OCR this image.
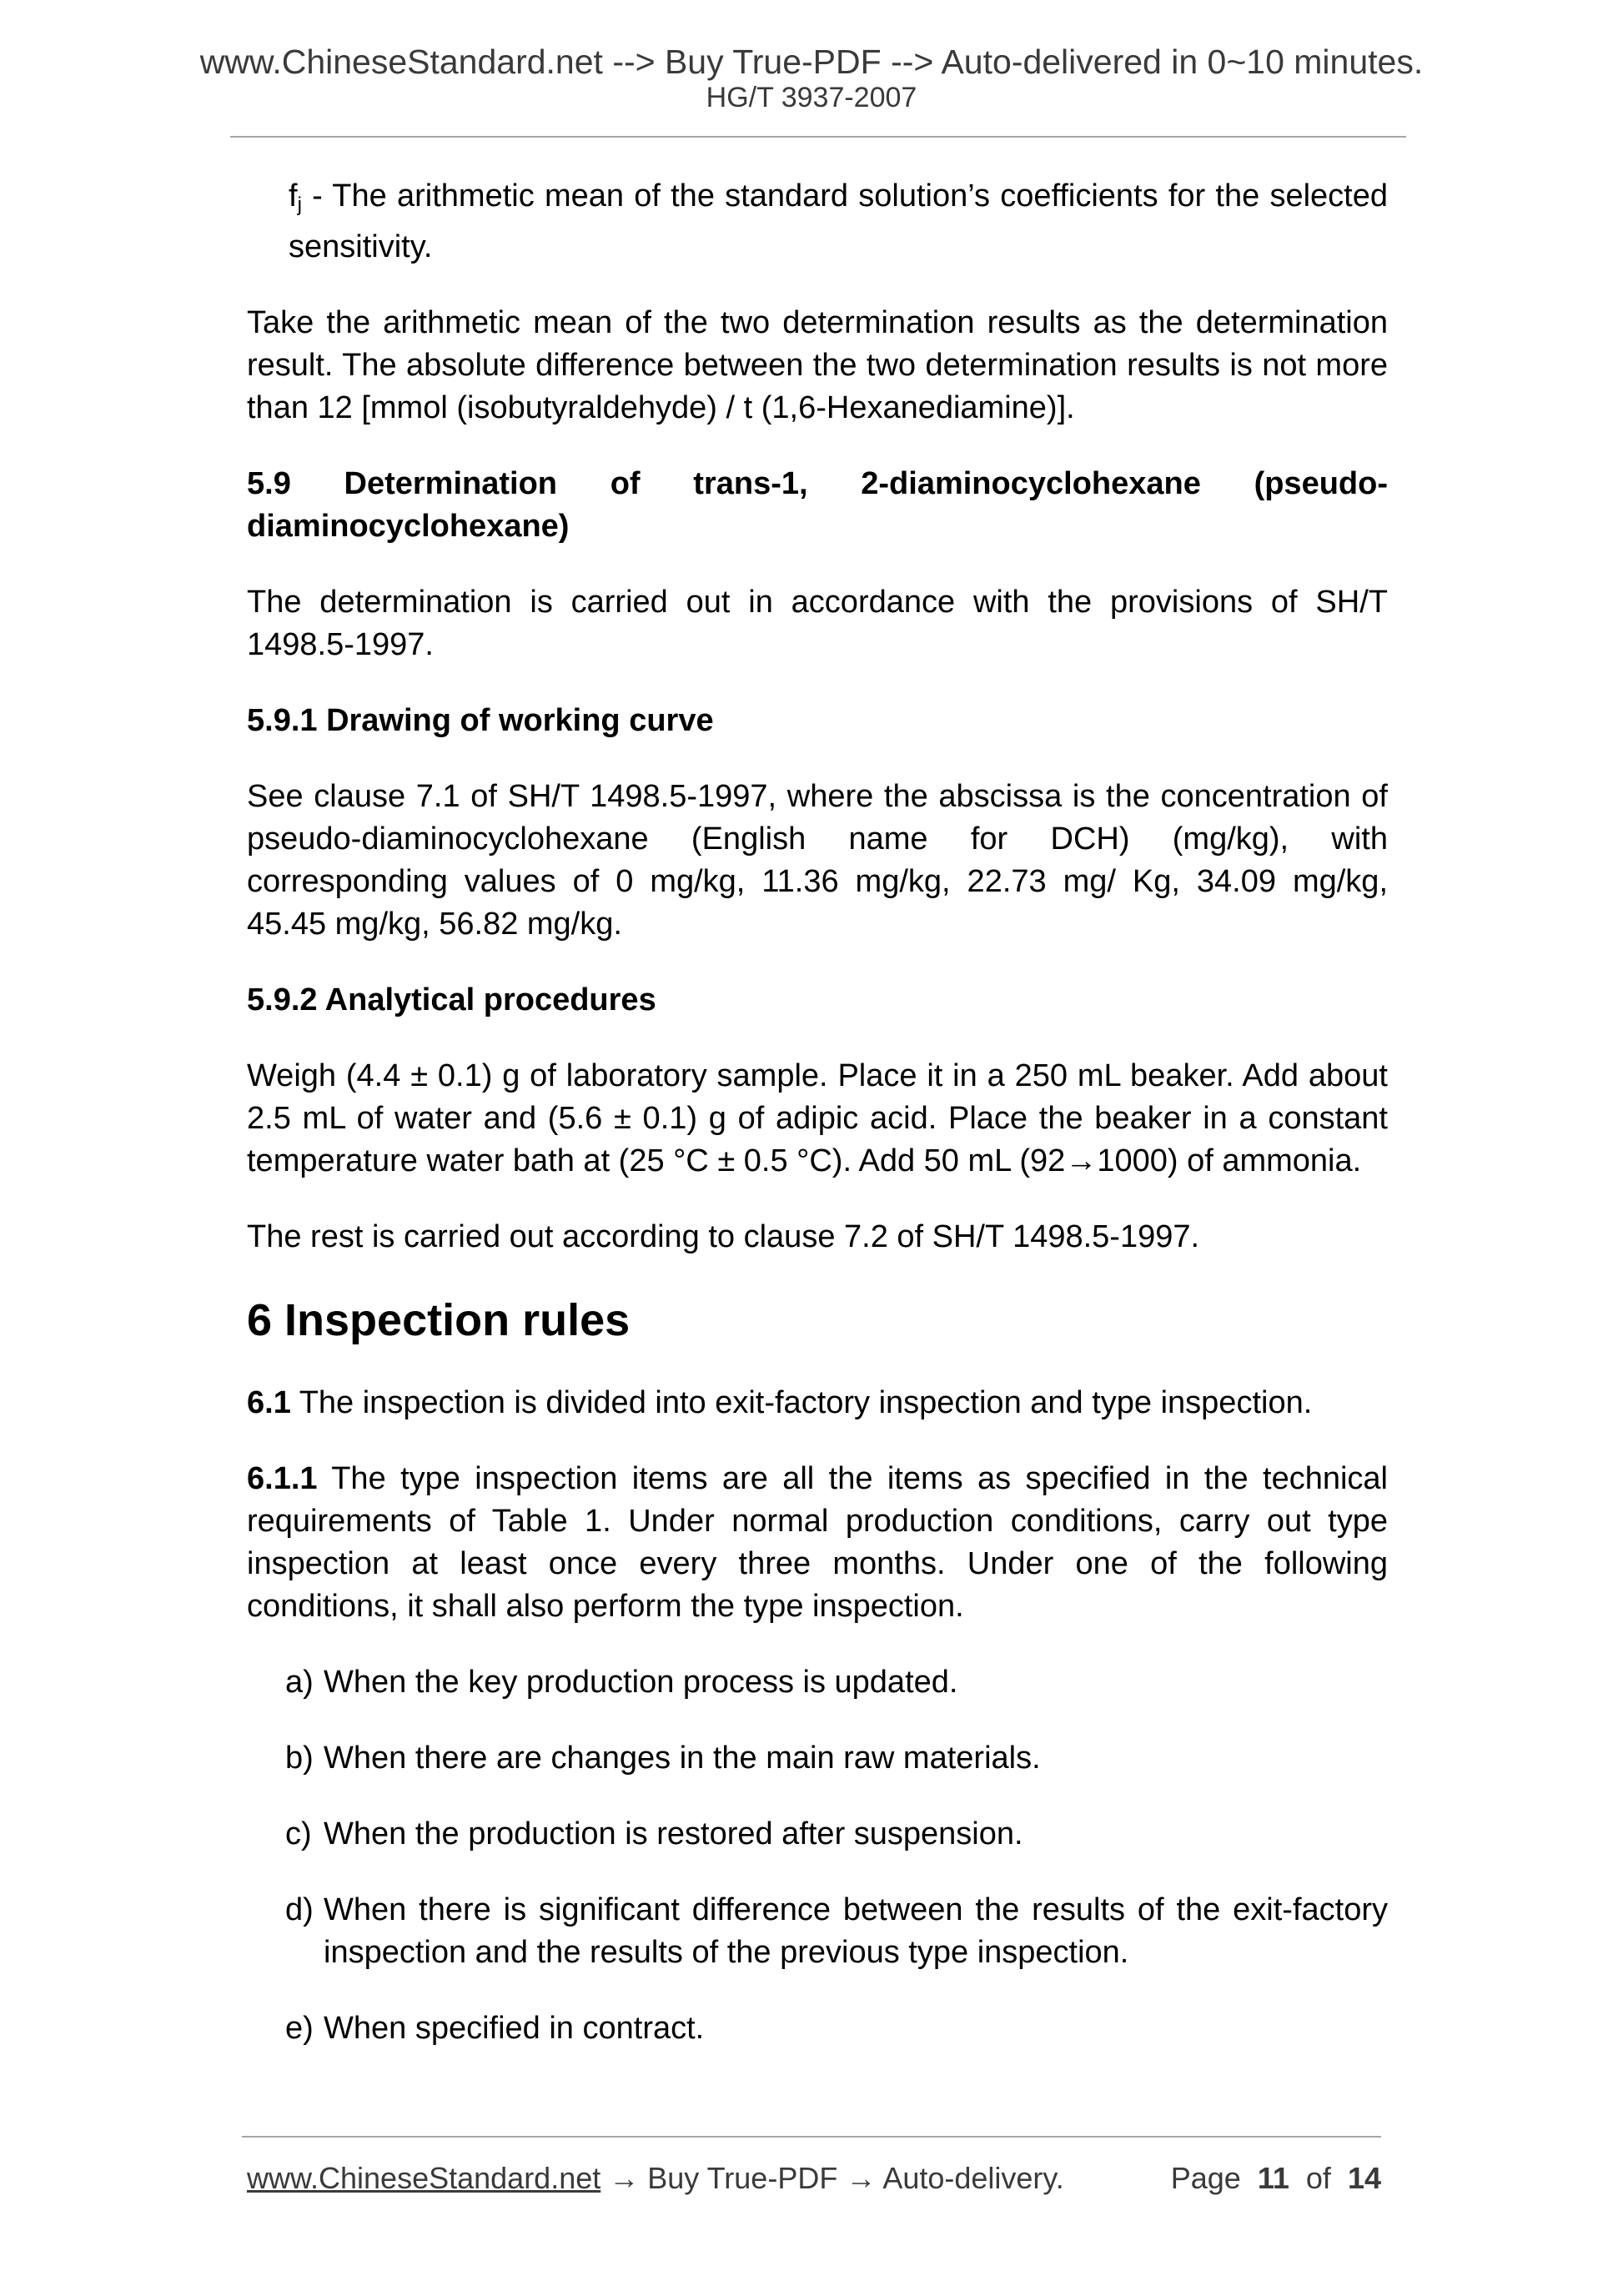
www.ChineseStandard.net --> Buy True-PDF --> Auto-delivered in 0~10 minutes.
HG/T 3937-2007

$f_j$ - The arithmetic mean of the standard solution’s coefficients for the selected sensitivity.

Take the arithmetic mean of the two determination results as the determination result. The absolute difference between the two determination results is not more than 12 [mmol (isobutyraldehyde) / t (1,6-Hexanediamine)].

5.9 Determination of trans-1, 2-diaminocyclohexane (pseudo-diaminocyclohexane)

The determination is carried out in accordance with the provisions of SH/T 1498.5-1997.

5.9.1 Drawing of working curve

See clause 7.1 of SH/T 1498.5-1997, where the abscissa is the concentration of pseudo-diaminocyclohexane (English name for DCH) (mg/kg), with corresponding values of 0 mg/kg, 11.36 mg/kg, 22.73 mg/ Kg, 34.09 mg/kg, 45.45 mg/kg, 56.82 mg/kg.

5.9.2 Analytical procedures

Weigh (4.4 ± 0.1) g of laboratory sample. Place it in a 250 mL beaker. Add about 2.5 mL of water and (5.6 ± 0.1) g of adipic acid. Place the beaker in a constant temperature water bath at (25 °C ± 0.5 °C). Add 50 mL (92→1000) of ammonia.

The rest is carried out according to clause 7.2 of SH/T 1498.5-1997.

6 Inspection rules

6.1 The inspection is divided into exit-factory inspection and type inspection.

6.1.1 The type inspection items are all the items as specified in the technical requirements of Table 1. Under normal production conditions, carry out type inspection at least once every three months. Under one of the following conditions, it shall also perform the type inspection.

a) When the key production process is updated.
b) When there are changes in the main raw materials.
c) When the production is restored after suspension.
d) When there is significant difference between the results of the exit-factory inspection and the results of the previous type inspection.
e) When specified in contract.
www.ChineseStandard.net → Buy True-PDF → Auto-delivery.	Page 11 of 14
